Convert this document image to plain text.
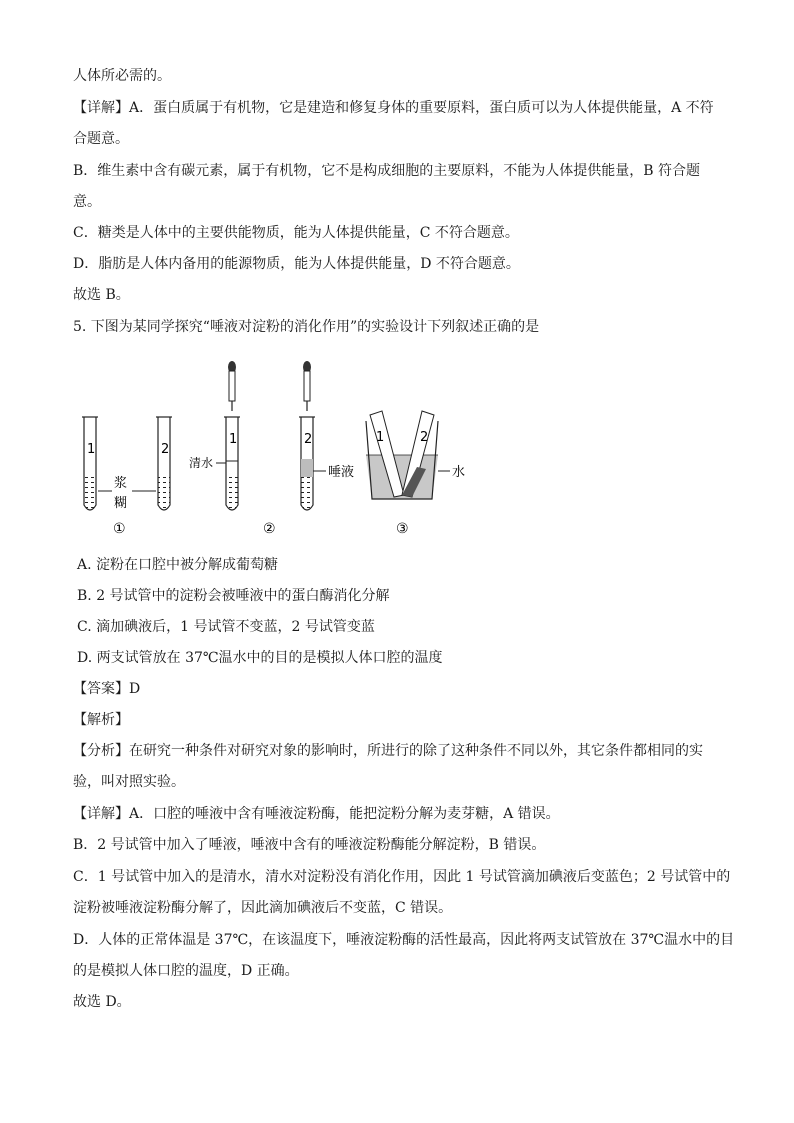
人体所必需的。
【详解】A．蛋白质属于有机物，它是建造和修复身体的重要原料，蛋白质可以为人体提供能量，A 不符
合题意。
B．维生素中含有碳元素，属于有机物，它不是构成细胞的主要原料，不能为人体提供能量，B 符合题
意。
C．糖类是人体中的主要供能物质，能为人体提供能量，C 不符合题意。
D．脂肪是人体内备用的能源物质，能为人体提供能量，D 不符合题意。
故选 B。
5. 下图为某同学探究“唾液对淀粉的消化作用”的实验设计下列叙述正确的是
1
浆
糊
2
①
1
清水
2
唾液
②
1	2
水
③
A. 淀粉在口腔中被分解成葡萄糖
B. 2 号试管中的淀粉会被唾液中的蛋白酶消化分解
C. 滴加碘液后，1 号试管不变蓝，2 号试管变蓝
D. 两支试管放在 37℃温水中的目的是模拟人体口腔的温度
【答案】D
【解析】
【分析】在研究一种条件对研究对象的影响时，所进行的除了这种条件不同以外，其它条件都相同的实
验，叫对照实验。
【详解】A．口腔的唾液中含有唾液淀粉酶，能把淀粉分解为麦芽糖，A 错误。
B．2 号试管中加入了唾液，唾液中含有的唾液淀粉酶能分解淀粉，B 错误。
C．1 号试管中加入的是清水，清水对淀粉没有消化作用，因此 1 号试管滴加碘液后变蓝色；2 号试管中的
淀粉被唾液淀粉酶分解了，因此滴加碘液后不变蓝，C 错误。
D．人体的正常体温是 37℃，在该温度下，唾液淀粉酶的活性最高，因此将两支试管放在 37℃温水中的目
的是模拟人体口腔的温度，D 正确。
故选 D。
